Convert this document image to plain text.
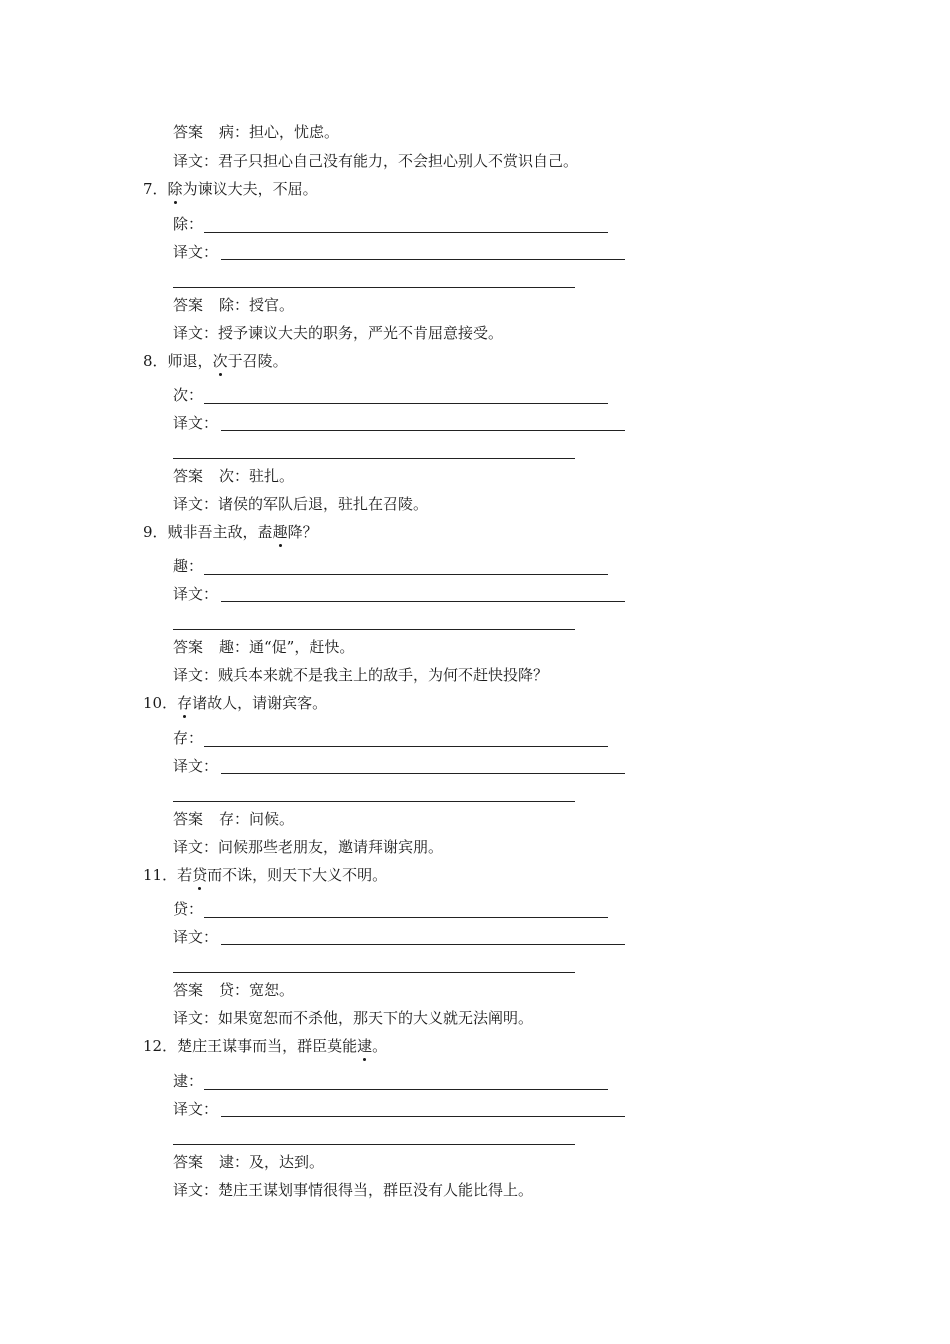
答案 病：担心，忧虑。
译文：君子只担心自己没有能力，不会担心别人不赏识自己。
7．除为谏议大夫，不屈。
除：
译文：
答案 除：授官。
译文：授予谏议大夫的职务，严光不肯屈意接受。
8．师退，次于召陵。
次：
译文：
答案 次：驻扎。
译文：诸侯的军队后退，驻扎在召陵。
9．贼非吾主敌，盍趣降？
趣：
译文：
答案 趣：通“促”，赶快。
译文：贼兵本来就不是我主上的敌手，为何不赶快投降？
10．存诸故人，请谢宾客。
存：
译文：
答案 存：问候。
译文：问候那些老朋友，邀请拜谢宾朋。
11．若贷而不诛，则天下大义不明。
贷：
译文：
答案 贷：宽恕。
译文：如果宽恕而不杀他，那天下的大义就无法阐明。
12．楚庄王谋事而当，群臣莫能逮。
逮：
译文：
答案 逮：及，达到。
译文：楚庄王谋划事情很得当，群臣没有人能比得上。
